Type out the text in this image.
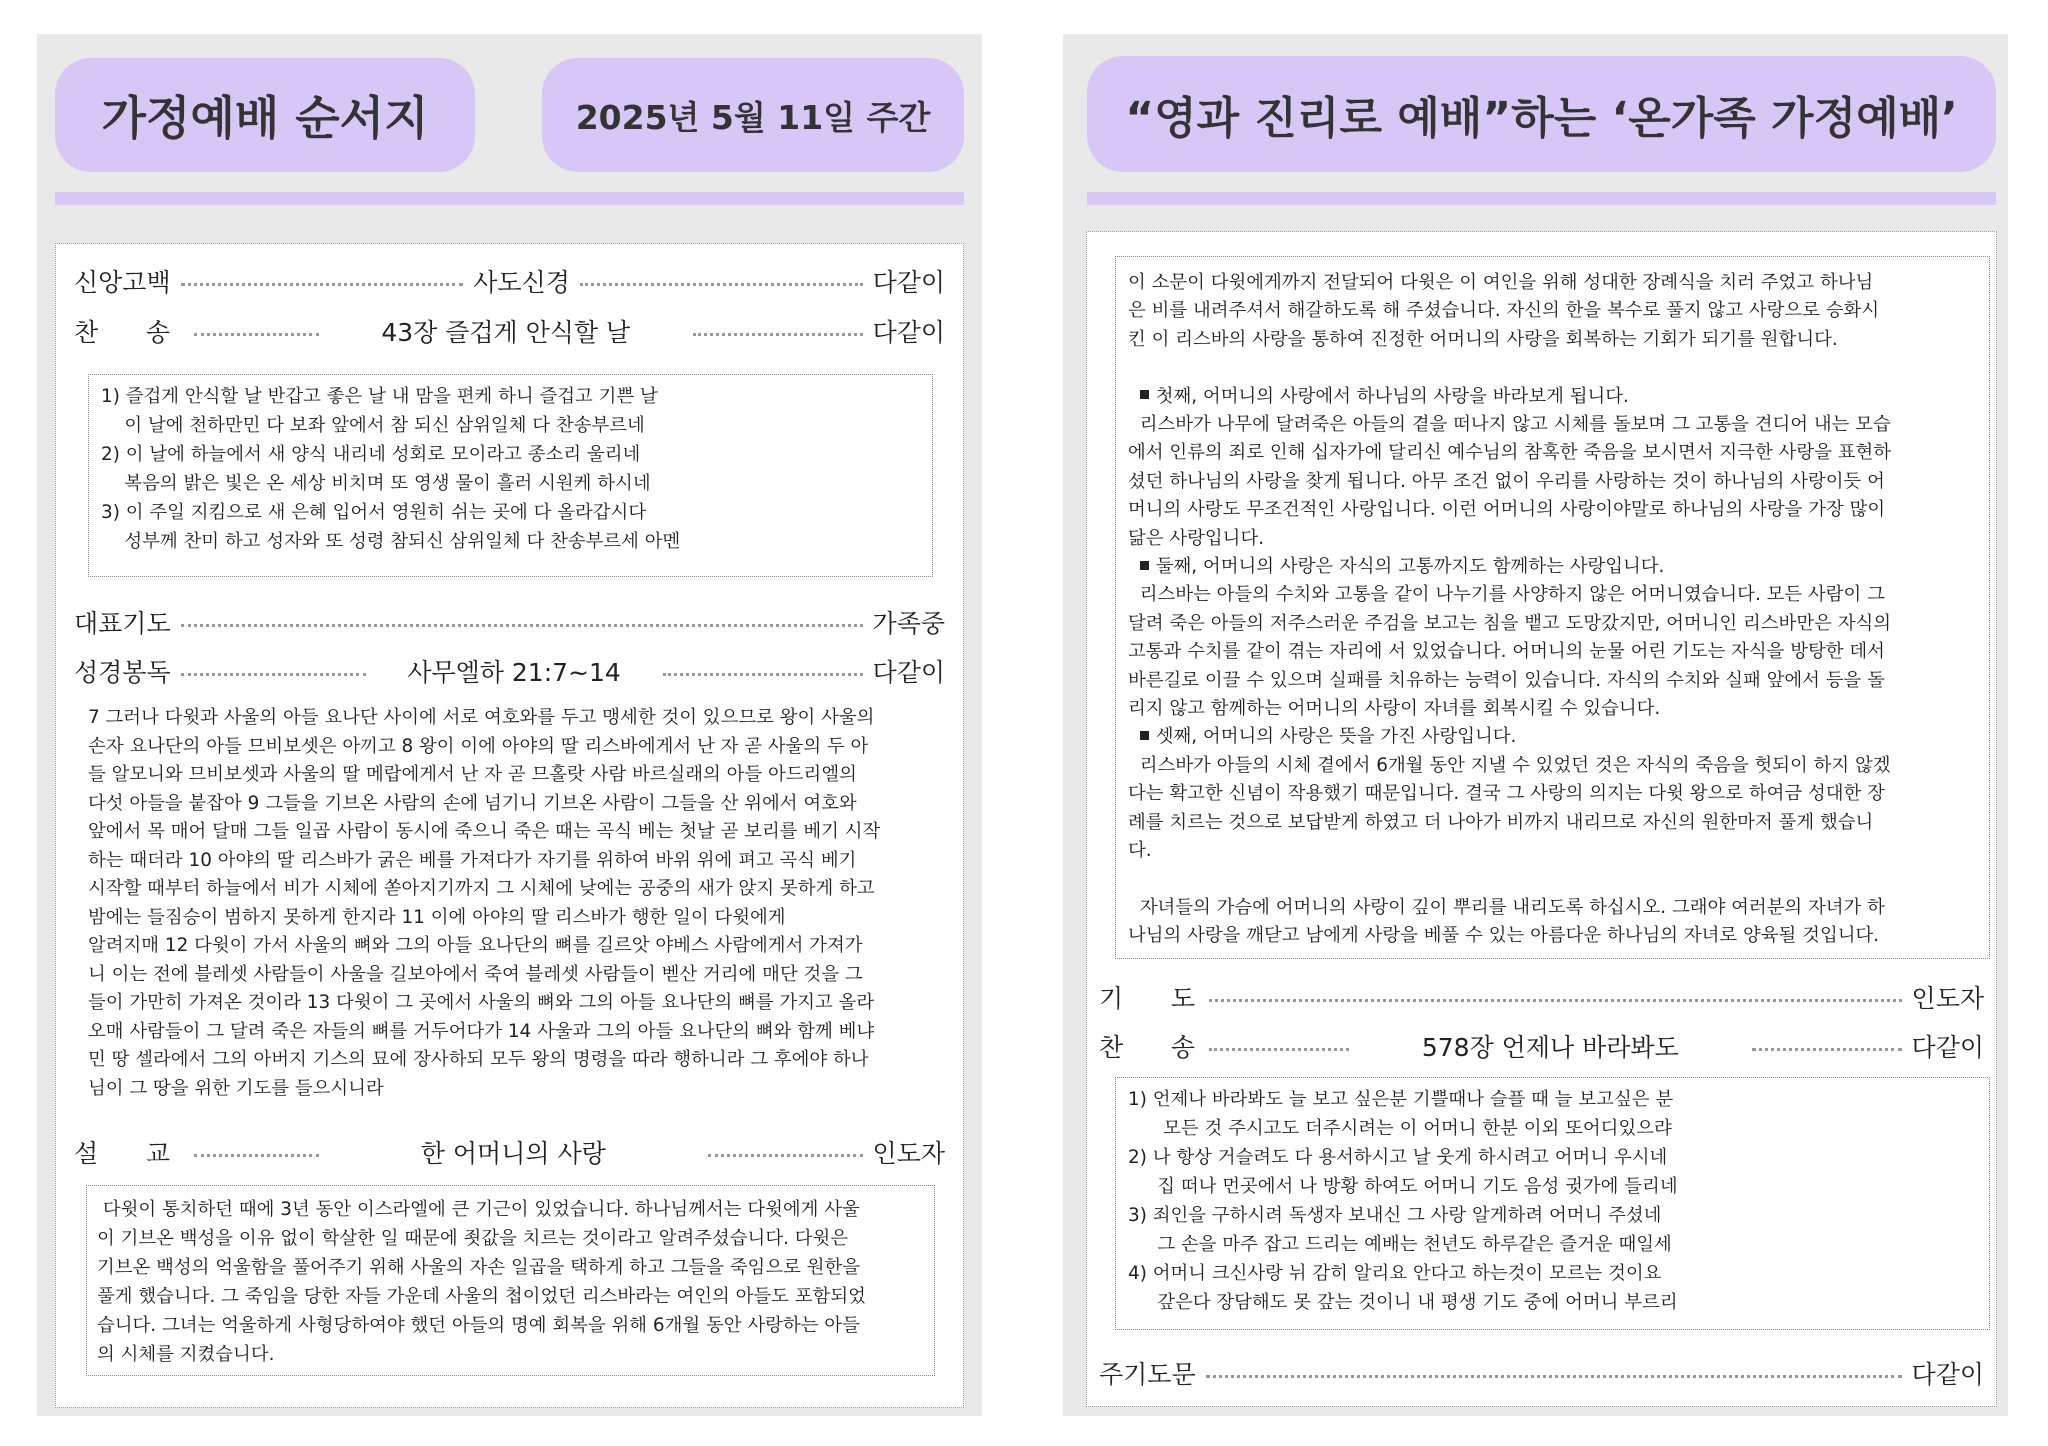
가정예배 순서지	2025년 5월 11일 주간
신앙고백	사도신경	다같이
찬      송	43장 즐겁게 안식할 날	다같이
1) 즐겁게 안식할 날 반갑고 좋은 날 내 맘을 편케 하니 즐겁고 기쁜 날
이 날에 천하만민 다 보좌 앞에서 참 되신 삼위일체 다 찬송부르네
2) 이 날에 하늘에서 새 양식 내리네 성회로 모이라고 종소리 울리네
복음의 밝은 빛은 온 세상 비치며 또 영생 물이 흘러 시원케 하시네
3) 이 주일 지킴으로 새 은혜 입어서 영원히 쉬는 곳에 다 올라갑시다
성부께 찬미 하고 성자와 또 성령 참되신 삼위일체 다 찬송부르세 아멘
대표기도	가족중
성경봉독	사무엘하 21:7~14	다같이
7 그러나 다윗과 사울의 아들 요나단 사이에 서로 여호와를 두고 맹세한 것이 있으므로 왕이 사울의
손자 요나단의 아들 므비보셋은 아끼고 8 왕이 이에 아야의 딸 리스바에게서 난 자 곧 사울의 두 아
들 알모니와 므비보셋과 사울의 딸 메랍에게서 난 자 곧 므홀랏 사람 바르실래의 아들 아드리엘의
다섯 아들을 붙잡아 9 그들을 기브온 사람의 손에 넘기니 기브온 사람이 그들을 산 위에서 여호와
앞에서 목 매어 달매 그들 일곱 사람이 동시에 죽으니 죽은 때는 곡식 베는 첫날 곧 보리를 베기 시작
하는 때더라 10 아야의 딸 리스바가 굵은 베를 가져다가 자기를 위하여 바위 위에 펴고 곡식 베기
시작할 때부터 하늘에서 비가 시체에 쏟아지기까지 그 시체에 낮에는 공중의 새가 앉지 못하게 하고
밤에는 들짐승이 범하지 못하게 한지라 11 이에 아야의 딸 리스바가 행한 일이 다윗에게
알려지매 12 다윗이 가서 사울의 뼈와 그의 아들 요나단의 뼈를 길르앗 야베스 사람에게서 가져가
니 이는 전에 블레셋 사람들이 사울을 길보아에서 죽여 블레셋 사람들이 벧산 거리에 매단 것을 그
들이 가만히 가져온 것이라 13 다윗이 그 곳에서 사울의 뼈와 그의 아들 요나단의 뼈를 가지고 올라
오매 사람들이 그 달려 죽은 자들의 뼈를 거두어다가 14 사울과 그의 아들 요나단의 뼈와 함께 베냐
민 땅 셀라에서 그의 아버지 기스의 묘에 장사하되 모두 왕의 명령을 따라 행하니라 그 후에야 하나
님이 그 땅을 위한 기도를 들으시니라
설      교	한 어머니의 사랑	인도자
다윗이 통치하던 때에 3년 동안 이스라엘에 큰 기근이 있었습니다. 하나님께서는 다윗에게 사울
이 기브온 백성을 이유 없이 학살한 일 때문에 죗값을 치르는 것이라고 알려주셨습니다. 다윗은
기브온 백성의 억울함을 풀어주기 위해 사울의 자손 일곱을 택하게 하고 그들을 죽임으로 원한을
풀게 했습니다. 그 죽임을 당한 자들 가운데 사울의 첩이었던 리스바라는 여인의 아들도 포함되었
습니다. 그녀는 억울하게 사형당하여야 했던 아들의 명예 회복을 위해 6개월 동안 사랑하는 아들
의 시체를 지켰습니다.
“영과 진리로 예배”하는 ‘온가족 가정예배’
이 소문이 다윗에게까지 전달되어 다윗은 이 여인을 위해 성대한 장례식을 치러 주었고 하나님
은 비를 내려주셔서 해갈하도록 해 주셨습니다. 자신의 한을 복수로 풀지 않고 사랑으로 승화시
킨 이 리스바의 사랑을 통하여 진정한 어머니의 사랑을 회복하는 기회가 되기를 원합니다.
첫째, 어머니의 사랑에서 하나님의 사랑을 바라보게 됩니다.
리스바가 나무에 달려죽은 아들의 곁을 떠나지 않고 시체를 돌보며 그 고통을 견디어 내는 모습
에서 인류의 죄로 인해 십자가에 달리신 예수님의 참혹한 죽음을 보시면서 지극한 사랑을 표현하
셨던 하나님의 사랑을 찾게 됩니다. 아무 조건 없이 우리를 사랑하는 것이 하나님의 사랑이듯 어
머니의 사랑도 무조건적인 사랑입니다. 이런 어머니의 사랑이야말로 하나님의 사랑을 가장 많이
닮은 사랑입니다.
둘째, 어머니의 사랑은 자식의 고통까지도 함께하는 사랑입니다.
리스바는 아들의 수치와 고통을 같이 나누기를 사양하지 않은 어머니였습니다. 모든 사람이 그
달려 죽은 아들의 저주스러운 주검을 보고는 침을 뱉고 도망갔지만, 어머니인 리스바만은 자식의
고통과 수치를 같이 겪는 자리에 서 있었습니다. 어머니의 눈물 어린 기도는 자식을 방탕한 데서
바른길로 이끌 수 있으며 실패를 치유하는 능력이 있습니다. 자식의 수치와 실패 앞에서 등을 돌
리지 않고 함께하는 어머니의 사랑이 자녀를 회복시킬 수 있습니다.
셋째, 어머니의 사랑은 뜻을 가진 사랑입니다.
리스바가 아들의 시체 곁에서 6개월 동안 지낼 수 있었던 것은 자식의 죽음을 헛되이 하지 않겠
다는 확고한 신념이 작용했기 때문입니다. 결국 그 사랑의 의지는 다윗 왕으로 하여금 성대한 장
례를 치르는 것으로 보답받게 하였고 더 나아가 비까지 내리므로 자신의 원한마저 풀게 했습니
다.
자녀들의 가슴에 어머니의 사랑이 깊이 뿌리를 내리도록 하십시오. 그래야 여러분의 자녀가 하
나님의 사랑을 깨닫고 남에게 사랑을 베풀 수 있는 아름다운 하나님의 자녀로 양육될 것입니다.
기      도	인도자
찬      송	578장 언제나 바라봐도	다같이
1) 언제나 바라봐도 늘 보고 싶은분 기쁠때나 슬플 때 늘 보고싶은 분
모든 것 주시고도 더주시려는 이 어머니 한분 이외 또어디있으랴
2) 나 항상 거슬려도 다 용서하시고 날 웃게 하시려고 어머니 우시네
집 떠나 먼곳에서 나 방황 하여도 어머니 기도 음성 귓가에 들리네
3) 죄인을 구하시려 독생자 보내신 그 사랑 알게하려 어머니 주셨네
그 손을 마주 잡고 드리는 예배는 천년도 하루같은 즐거운 때일세
4) 어머니 크신사랑 뉘 감히 알리요 안다고 하는것이 모르는 것이요
갚은다 장담해도 못 갚는 것이니 내 평생 기도 중에 어머니 부르리
주기도문	다같이
